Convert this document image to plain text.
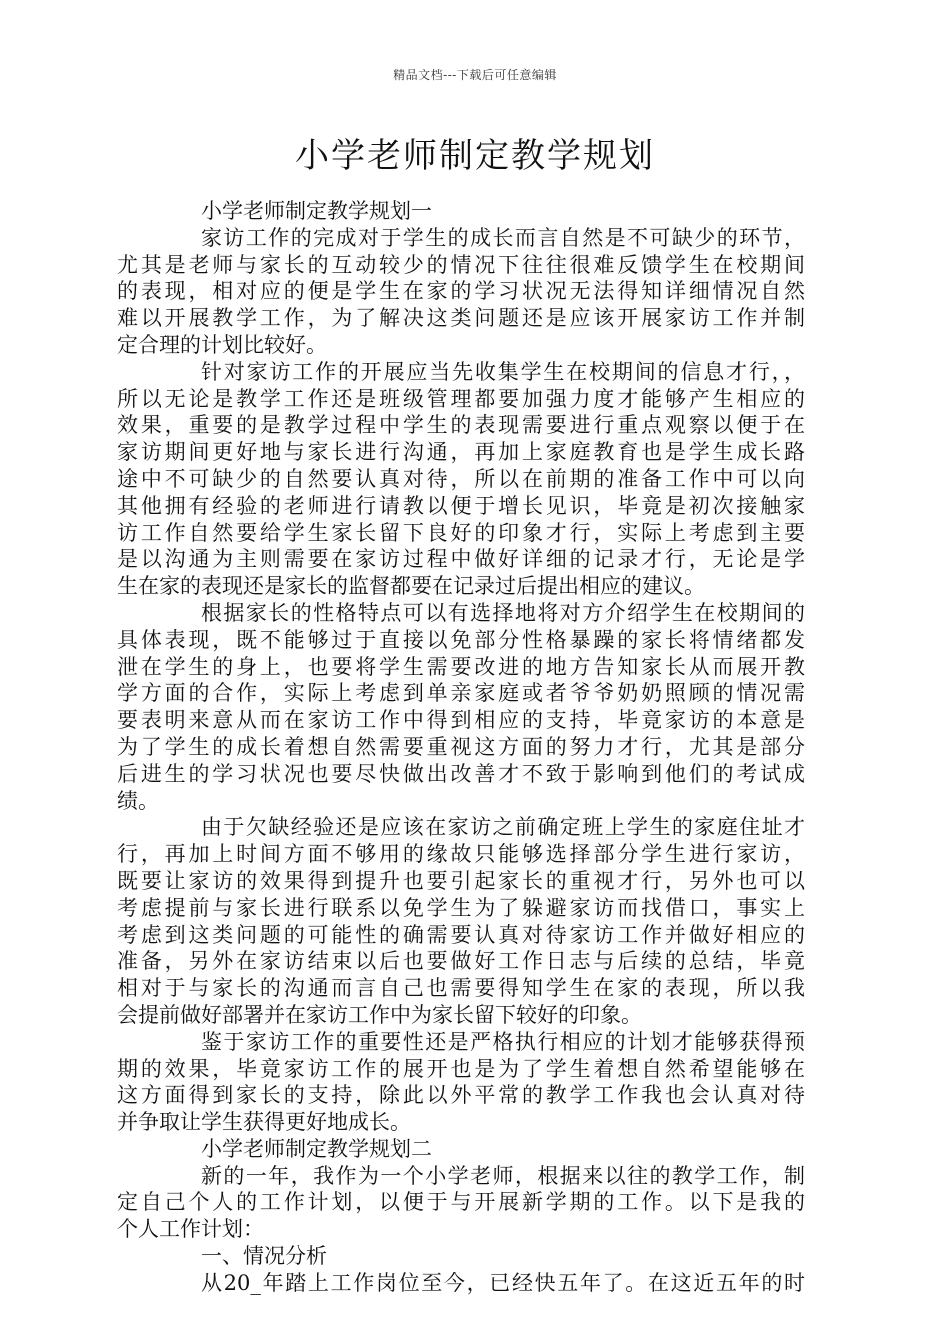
精品文档---下载后可任意编辑
小学老师制定教学规划
小学老师制定教学规划一
家访工作的完成对于学生的成长而言自然是不可缺少的环节，
尤其是老师与家长的互动较少的情况下往往很难反馈学生在校期间
的表现，相对应的便是学生在家的学习状况无法得知详细情况自然
难以开展教学工作，为了解决这类问题还是应该开展家访工作并制
定合理的计划比较好。
针对家访工作的开展应当先收集学生在校期间的信息才行，，
所以无论是教学工作还是班级管理都要加强力度才能够产生相应的
效果，重要的是教学过程中学生的表现需要进行重点观察以便于在
家访期间更好地与家长进行沟通，再加上家庭教育也是学生成长路
途中不可缺少的自然要认真对待，所以在前期的准备工作中可以向
其他拥有经验的老师进行请教以便于增长见识，毕竟是初次接触家
访工作自然要给学生家长留下良好的印象才行，实际上考虑到主要
是以沟通为主则需要在家访过程中做好详细的记录才行，无论是学
生在家的表现还是家长的监督都要在记录过后提出相应的建议。
根据家长的性格特点可以有选择地将对方介绍学生在校期间的
具体表现，既不能够过于直接以免部分性格暴躁的家长将情绪都发
泄在学生的身上，也要将学生需要改进的地方告知家长从而展开教
学方面的合作，实际上考虑到单亲家庭或者爷爷奶奶照顾的情况需
要表明来意从而在家访工作中得到相应的支持，毕竟家访的本意是
为了学生的成长着想自然需要重视这方面的努力才行，尤其是部分
后进生的学习状况也要尽快做出改善才不致于影响到他们的考试成
绩。
由于欠缺经验还是应该在家访之前确定班上学生的家庭住址才
行，再加上时间方面不够用的缘故只能够选择部分学生进行家访，
既要让家访的效果得到提升也要引起家长的重视才行，另外也可以
考虑提前与家长进行联系以免学生为了躲避家访而找借口，事实上
考虑到这类问题的可能性的确需要认真对待家访工作并做好相应的
准备，另外在家访结束以后也要做好工作日志与后续的总结，毕竟
相对于与家长的沟通而言自己也需要得知学生在家的表现，所以我
会提前做好部署并在家访工作中为家长留下较好的印象。
鉴于家访工作的重要性还是严格执行相应的计划才能够获得预
期的效果，毕竟家访工作的展开也是为了学生着想自然希望能够在
这方面得到家长的支持，除此以外平常的教学工作我也会认真对待
并争取让学生获得更好地成长。
小学老师制定教学规划二
新的一年，我作为一个小学老师，根据来以往的教学工作，制
定自己个人的工作计划，以便于与开展新学期的工作。以下是我的
个人工作计划：
一、情况分析
从20_年踏上工作岗位至今，已经快五年了。在这近五年的时
